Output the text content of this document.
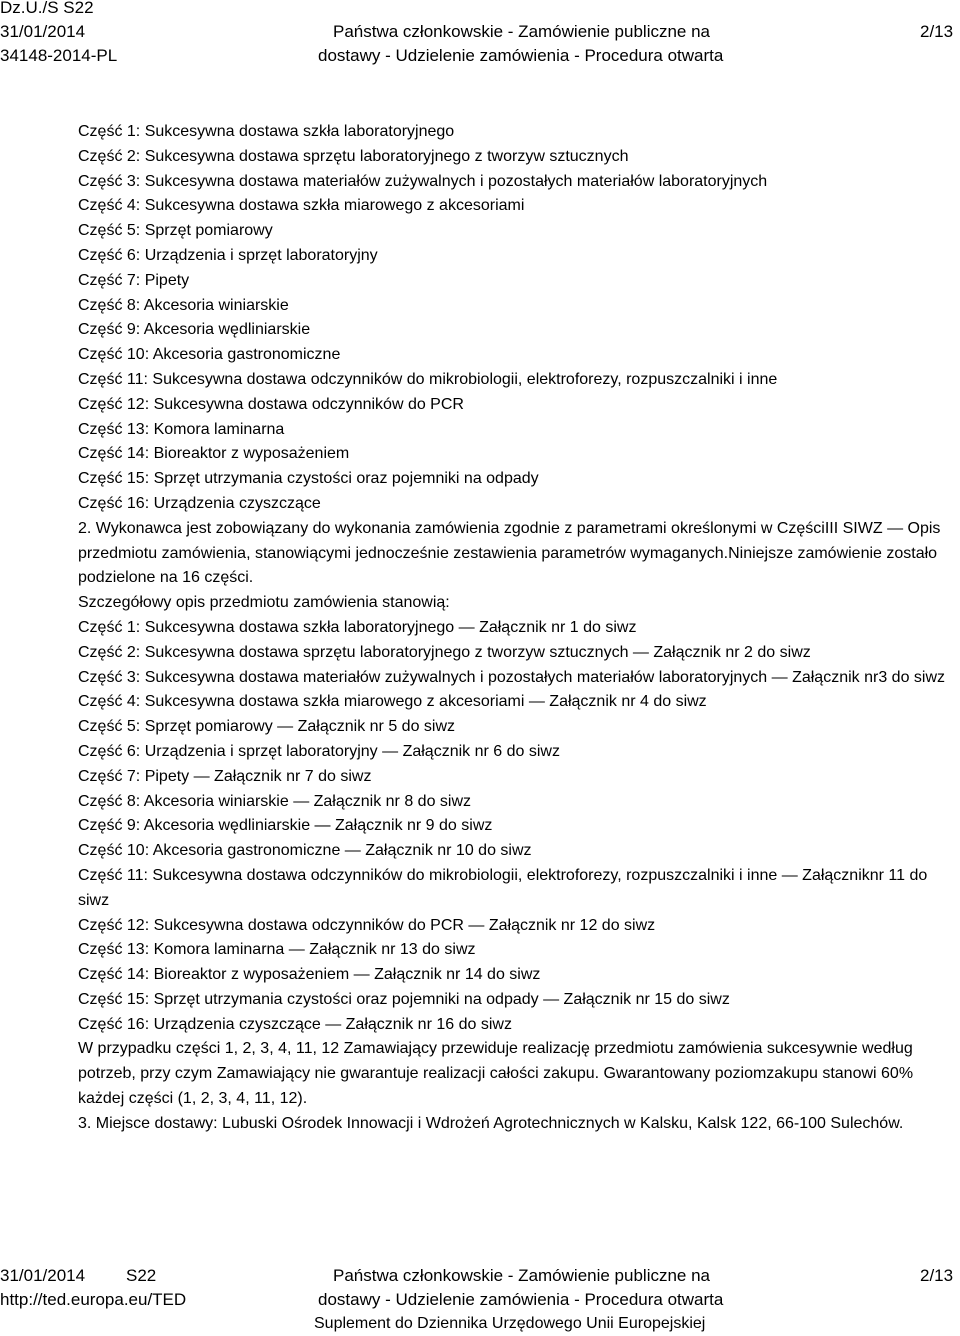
Dz.U./S S22
31/01/2014
34148-2014-PL
Państwa członkowskie - Zamówienie publiczne na
dostawy - Udzielenie zamówienia - Procedura otwarta
2/13

Część 1: Sukcesywna dostawa szkła laboratoryjnego

Część 2: Sukcesywna dostawa sprzętu laboratoryjnego z tworzyw sztucznych

Część 3: Sukcesywna dostawa materiałów zużywalnych i pozostałych materiałów laboratoryjnych

Część 4: Sukcesywna dostawa szkła miarowego z akcesoriami

Część 5: Sprzęt pomiarowy

Część 6: Urządzenia i sprzęt laboratoryjny

Część 7: Pipety

Część 8: Akcesoria winiarskie

Część 9: Akcesoria wędliniarskie

Część 10: Akcesoria gastronomiczne

Część 11: Sukcesywna dostawa odczynników do mikrobiologii, elektroforezy, rozpuszczalniki i inne

Część 12: Sukcesywna dostawa odczynników do PCR

Część 13: Komora laminarna

Część 14: Bioreaktor z wyposażeniem

Część 15: Sprzęt utrzymania czystości oraz pojemniki na odpady

Część 16: Urządzenia czyszczące

2. Wykonawca jest zobowiązany do wykonania zamówienia zgodnie z parametrami określonymi w CzęściIII SIWZ — Opis przedmiotu zamówienia, stanowiącymi jednocześnie zestawienia parametrów wymaganych.Niniejsze zamówienie zostało podzielone na 16 części.

Szczegółowy opis przedmiotu zamówienia stanowią:

Część 1: Sukcesywna dostawa szkła laboratoryjnego — Załącznik nr 1 do siwz

Część 2: Sukcesywna dostawa sprzętu laboratoryjnego z tworzyw sztucznych — Załącznik nr 2 do siwz

Część 3: Sukcesywna dostawa materiałów zużywalnych i pozostałych materiałów laboratoryjnych — Załącznik nr3 do siwz

Część 4: Sukcesywna dostawa szkła miarowego z akcesoriami — Załącznik nr 4 do siwz

Część 5: Sprzęt pomiarowy — Załącznik nr 5 do siwz

Część 6: Urządzenia i sprzęt laboratoryjny — Załącznik nr 6 do siwz

Część 7: Pipety — Załącznik nr 7 do siwz

Część 8: Akcesoria winiarskie — Załącznik nr 8 do siwz

Część 9: Akcesoria wędliniarskie — Załącznik nr 9 do siwz

Część 10: Akcesoria gastronomiczne — Załącznik nr 10 do siwz

Część 11: Sukcesywna dostawa odczynników do mikrobiologii, elektroforezy, rozpuszczalniki i inne — Załączniknr 11 do siwz

Część 12: Sukcesywna dostawa odczynników do PCR — Załącznik nr 12 do siwz

Część 13: Komora laminarna — Załącznik nr 13 do siwz

Część 14: Bioreaktor z wyposażeniem — Załącznik nr 14 do siwz

Część 15: Sprzęt utrzymania czystości oraz pojemniki na odpady — Załącznik nr 15 do siwz

Część 16: Urządzenia czyszczące — Załącznik nr 16 do siwz

W przypadku części 1, 2, 3, 4, 11, 12 Zamawiający przewiduje realizację przedmiotu zamówienia sukcesywnie według potrzeb, przy czym Zamawiający nie gwarantuje realizacji całości zakupu. Gwarantowany poziomzakupu stanowi 60% każdej części (1, 2, 3, 4, 11, 12).

3. Miejsce dostawy: Lubuski Ośrodek Innowacji i Wdrożeń Agrotechnicznych w Kalsku, Kalsk 122, 66-100 Sulechów.

31/01/2014 S22
http://ted.europa.eu/TED
Państwa członkowskie - Zamówienie publiczne na
dostawy - Udzielenie zamówienia - Procedura otwarta
Suplement do Dziennika Urzędowego Unii Europejskiej
2/13
